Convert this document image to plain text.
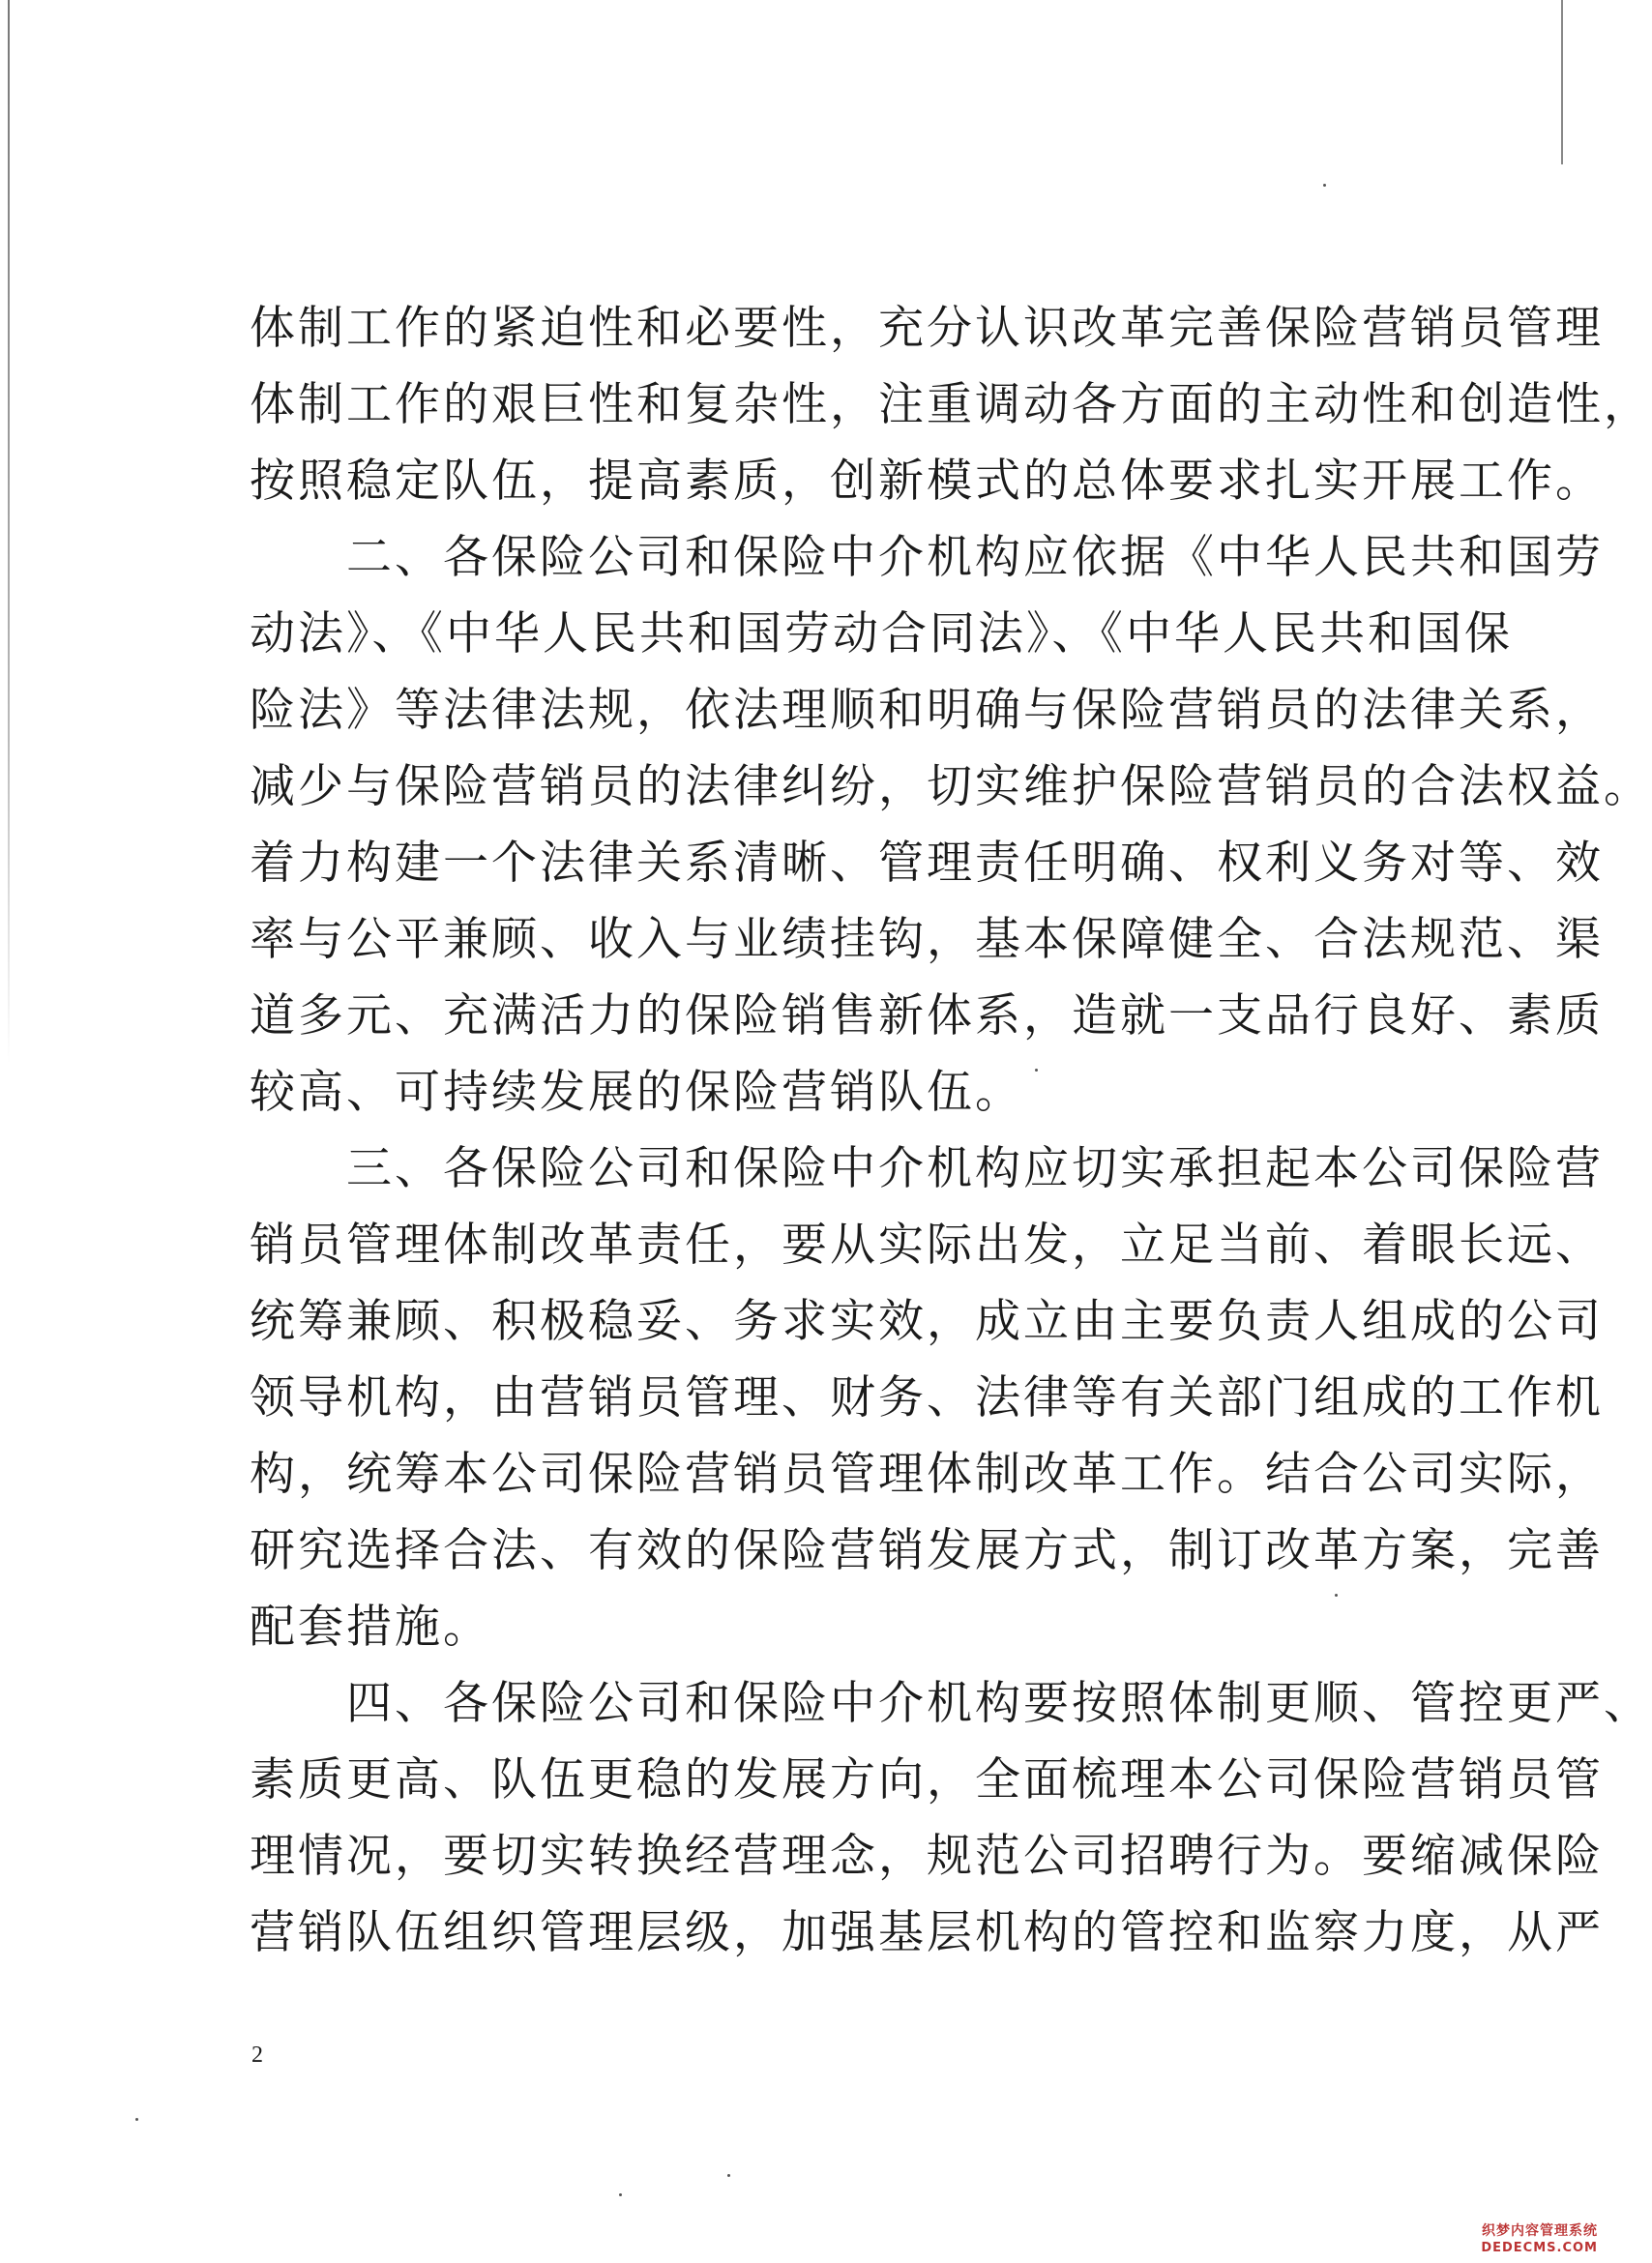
体制工作的紧迫性和必要性，充分认识改革完善保险营销员管理
体制工作的艰巨性和复杂性，注重调动各方面的主动性和创造性，
按照稳定队伍，提高素质，创新模式的总体要求扎实开展工作。
　　二、各保险公司和保险中介机构应依据《中华人民共和国劳
动法》、《中华人民共和国劳动合同法》、《中华人民共和国保
险法》等法律法规，依法理顺和明确与保险营销员的法律关系，
减少与保险营销员的法律纠纷，切实维护保险营销员的合法权益。
着力构建一个法律关系清晰、管理责任明确、权利义务对等、效
率与公平兼顾、收入与业绩挂钩，基本保障健全、合法规范、渠
道多元、充满活力的保险销售新体系，造就一支品行良好、素质
较高、可持续发展的保险营销队伍。
　　三、各保险公司和保险中介机构应切实承担起本公司保险营
销员管理体制改革责任，要从实际出发，立足当前、着眼长远、
统筹兼顾、积极稳妥、务求实效，成立由主要负责人组成的公司
领导机构，由营销员管理、财务、法律等有关部门组成的工作机
构，统筹本公司保险营销员管理体制改革工作。结合公司实际，
研究选择合法、有效的保险营销发展方式，制订改革方案，完善
配套措施。
　　四、各保险公司和保险中介机构要按照体制更顺、管控更严、
素质更高、队伍更稳的发展方向，全面梳理本公司保险营销员管
理情况，要切实转换经营理念，规范公司招聘行为。要缩减保险
营销队伍组织管理层级，加强基层机构的管控和监察力度，从严
2
织梦内容管理系统
DEDECMS.COM
